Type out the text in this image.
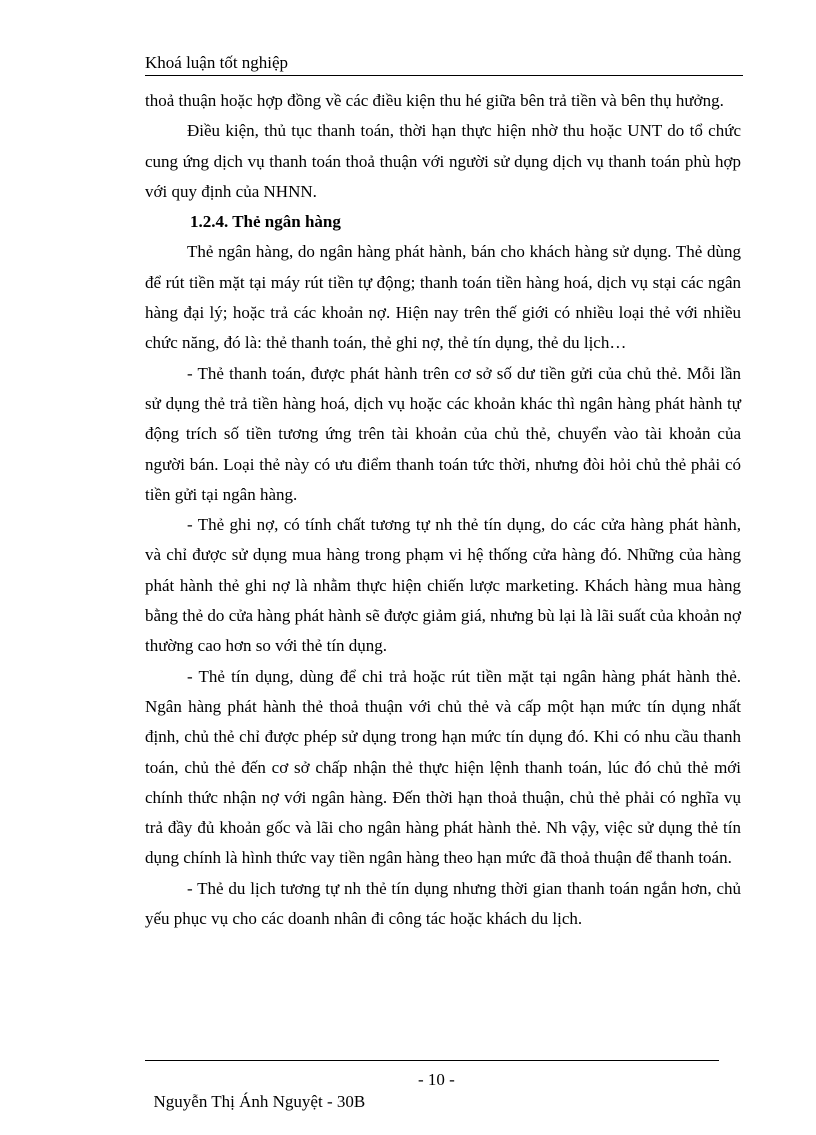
Khoá luận tốt nghiệp

thoả thuận hoặc hợp đồng về các điều kiện thu hé giữa bên trả tiền và bên thụ hưởng.

Điều kiện, thủ tục thanh toán, thời hạn thực hiện nhờ thu hoặc UNT do tổ chức cung ứng dịch vụ thanh toán thoả thuận với người sử dụng dịch vụ thanh toán phù hợp với quy định của NHNN.

1.2.4. Thẻ ngân hàng

Thẻ ngân hàng, do ngân hàng phát hành, bán cho khách hàng sử dụng. Thẻ dùng để rút tiền mặt tại máy rút tiền tự động; thanh toán tiền hàng hoá, dịch vụ stại các ngân hàng đại lý; hoặc trả các khoản nợ. Hiện nay trên thế giới có nhiều loại thẻ với nhiều chức năng, đó là: thẻ thanh toán, thẻ ghi nợ, thẻ tín dụng, thẻ du lịch…

- Thẻ thanh toán, được phát hành trên cơ sở số dư tiền gửi của chủ thẻ. Mỗi lần sử dụng thẻ trả tiền hàng hoá, dịch vụ hoặc các khoản khác thì ngân hàng phát hành tự động trích số tiền tương ứng trên tài khoản của chủ thẻ, chuyển vào tài khoản của người bán. Loại thẻ này có ưu điểm thanh toán tức thời, nhưng đòi hỏi chủ thẻ phải có tiền gửi tại ngân hàng.

- Thẻ ghi nợ, có tính chất tương tự nh thẻ tín dụng, do các cửa hàng phát hành, và chỉ được sử dụng mua hàng trong phạm vi hệ thống cửa hàng đó. Những của hàng phát hành thẻ ghi nợ là nhằm thực hiện chiến lược marketing. Khách hàng mua hàng bằng thẻ do cửa hàng phát hành sẽ được giảm giá, nhưng bù lại là lãi suất của khoản nợ thường cao hơn so với thẻ tín dụng.

- Thẻ tín dụng, dùng để chi trả hoặc rút tiền mặt tại ngân hàng phát hành thẻ. Ngân hàng phát hành thẻ thoả thuận với chủ thẻ và cấp một hạn mức tín dụng nhất định, chủ thẻ chỉ được phép sử dụng trong hạn mức tín dụng đó. Khi có nhu cầu thanh toán, chủ thẻ đến cơ sở chấp nhận thẻ thực hiện lệnh thanh toán, lúc đó chủ thẻ mới chính thức nhận nợ với ngân hàng. Đến thời hạn thoả thuận, chủ thẻ phải có nghĩa vụ trả đầy đủ khoản gốc và lãi cho ngân hàng phát hành thẻ. Nh vậy, việc sử dụng thẻ tín dụng chính là hình thức vay tiền ngân hàng theo hạn mức đã thoả thuận để thanh toán.

- Thẻ du lịch tương tự nh thẻ tín dụng nhưng thời gian thanh toán ngắn hơn, chủ yếu phục vụ cho các doanh nhân đi công tác hoặc khách du lịch.

Nguyễn Thị Ánh Nguyệt - 30B

- 10 -
